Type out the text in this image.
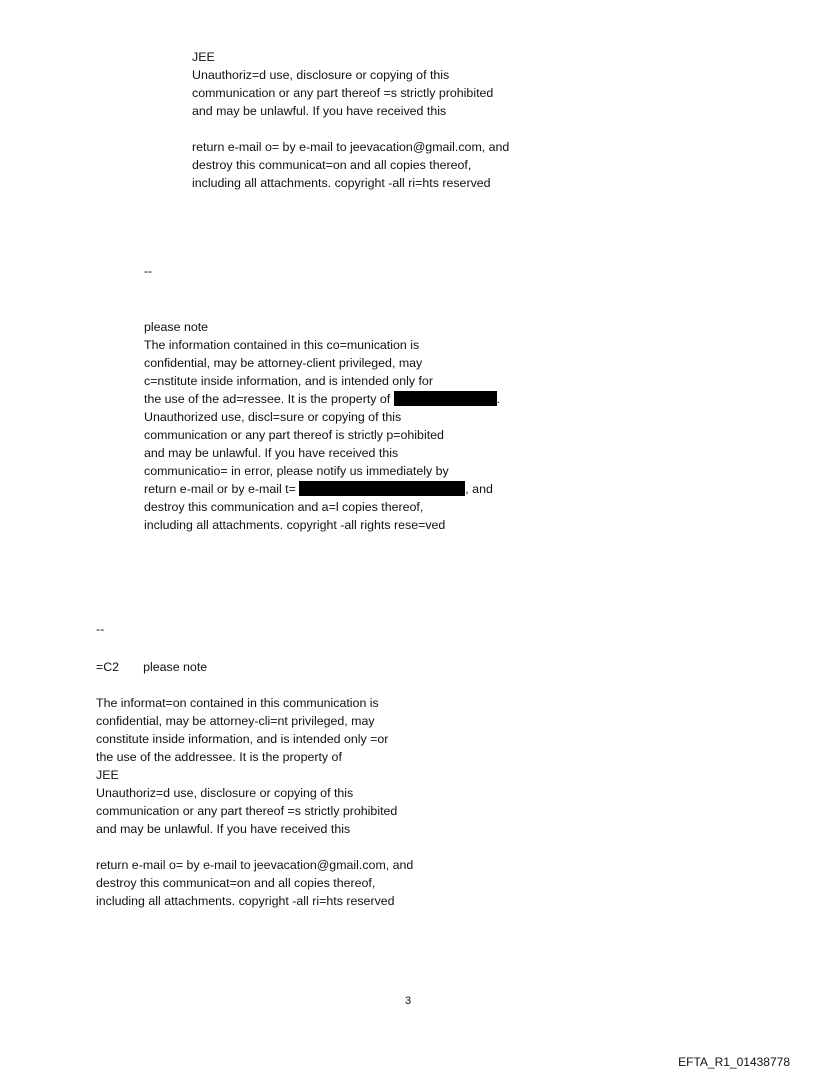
JEE
Unauthoriz=d use, disclosure or copying of this
communication or any part thereof =s strictly prohibited
and may be unlawful. If you have received this
return e-mail o= by e-mail to jeevacation@gmail.com, and
destroy this communicat=on and all copies thereof,
including all attachments. copyright -all ri=hts reserved
--
please note
The information contained in this co=munication is
confidential, may be attorney-client privileged, may
c=nstitute inside information, and is intended only for
the use of the ad=ressee. It is the property of	.
Unauthorized use, discl=sure or copying of this
communication or any part thereof is strictly p=ohibited
and may be unlawful. If you have received this
communicatio= in error, please notify us immediately by
return e-mail or by e-mail t=	, and
destroy this communication and a=l copies thereof,
including all attachments. copyright -all rights rese=ved
--
=C2 please note
The informat=on contained in this communication is
confidential, may be attorney-cli=nt privileged, may
constitute inside information, and is intended only =or
the use of the addressee. It is the property of
JEE
Unauthoriz=d use, disclosure or copying of this
communication or any part thereof =s strictly prohibited
and may be unlawful. If you have received this
return e-mail o= by e-mail to jeevacation@gmail.com, and
destroy this communicat=on and all copies thereof,
including all attachments. copyright -all ri=hts reserved
3
EFTA_R1_01438778
